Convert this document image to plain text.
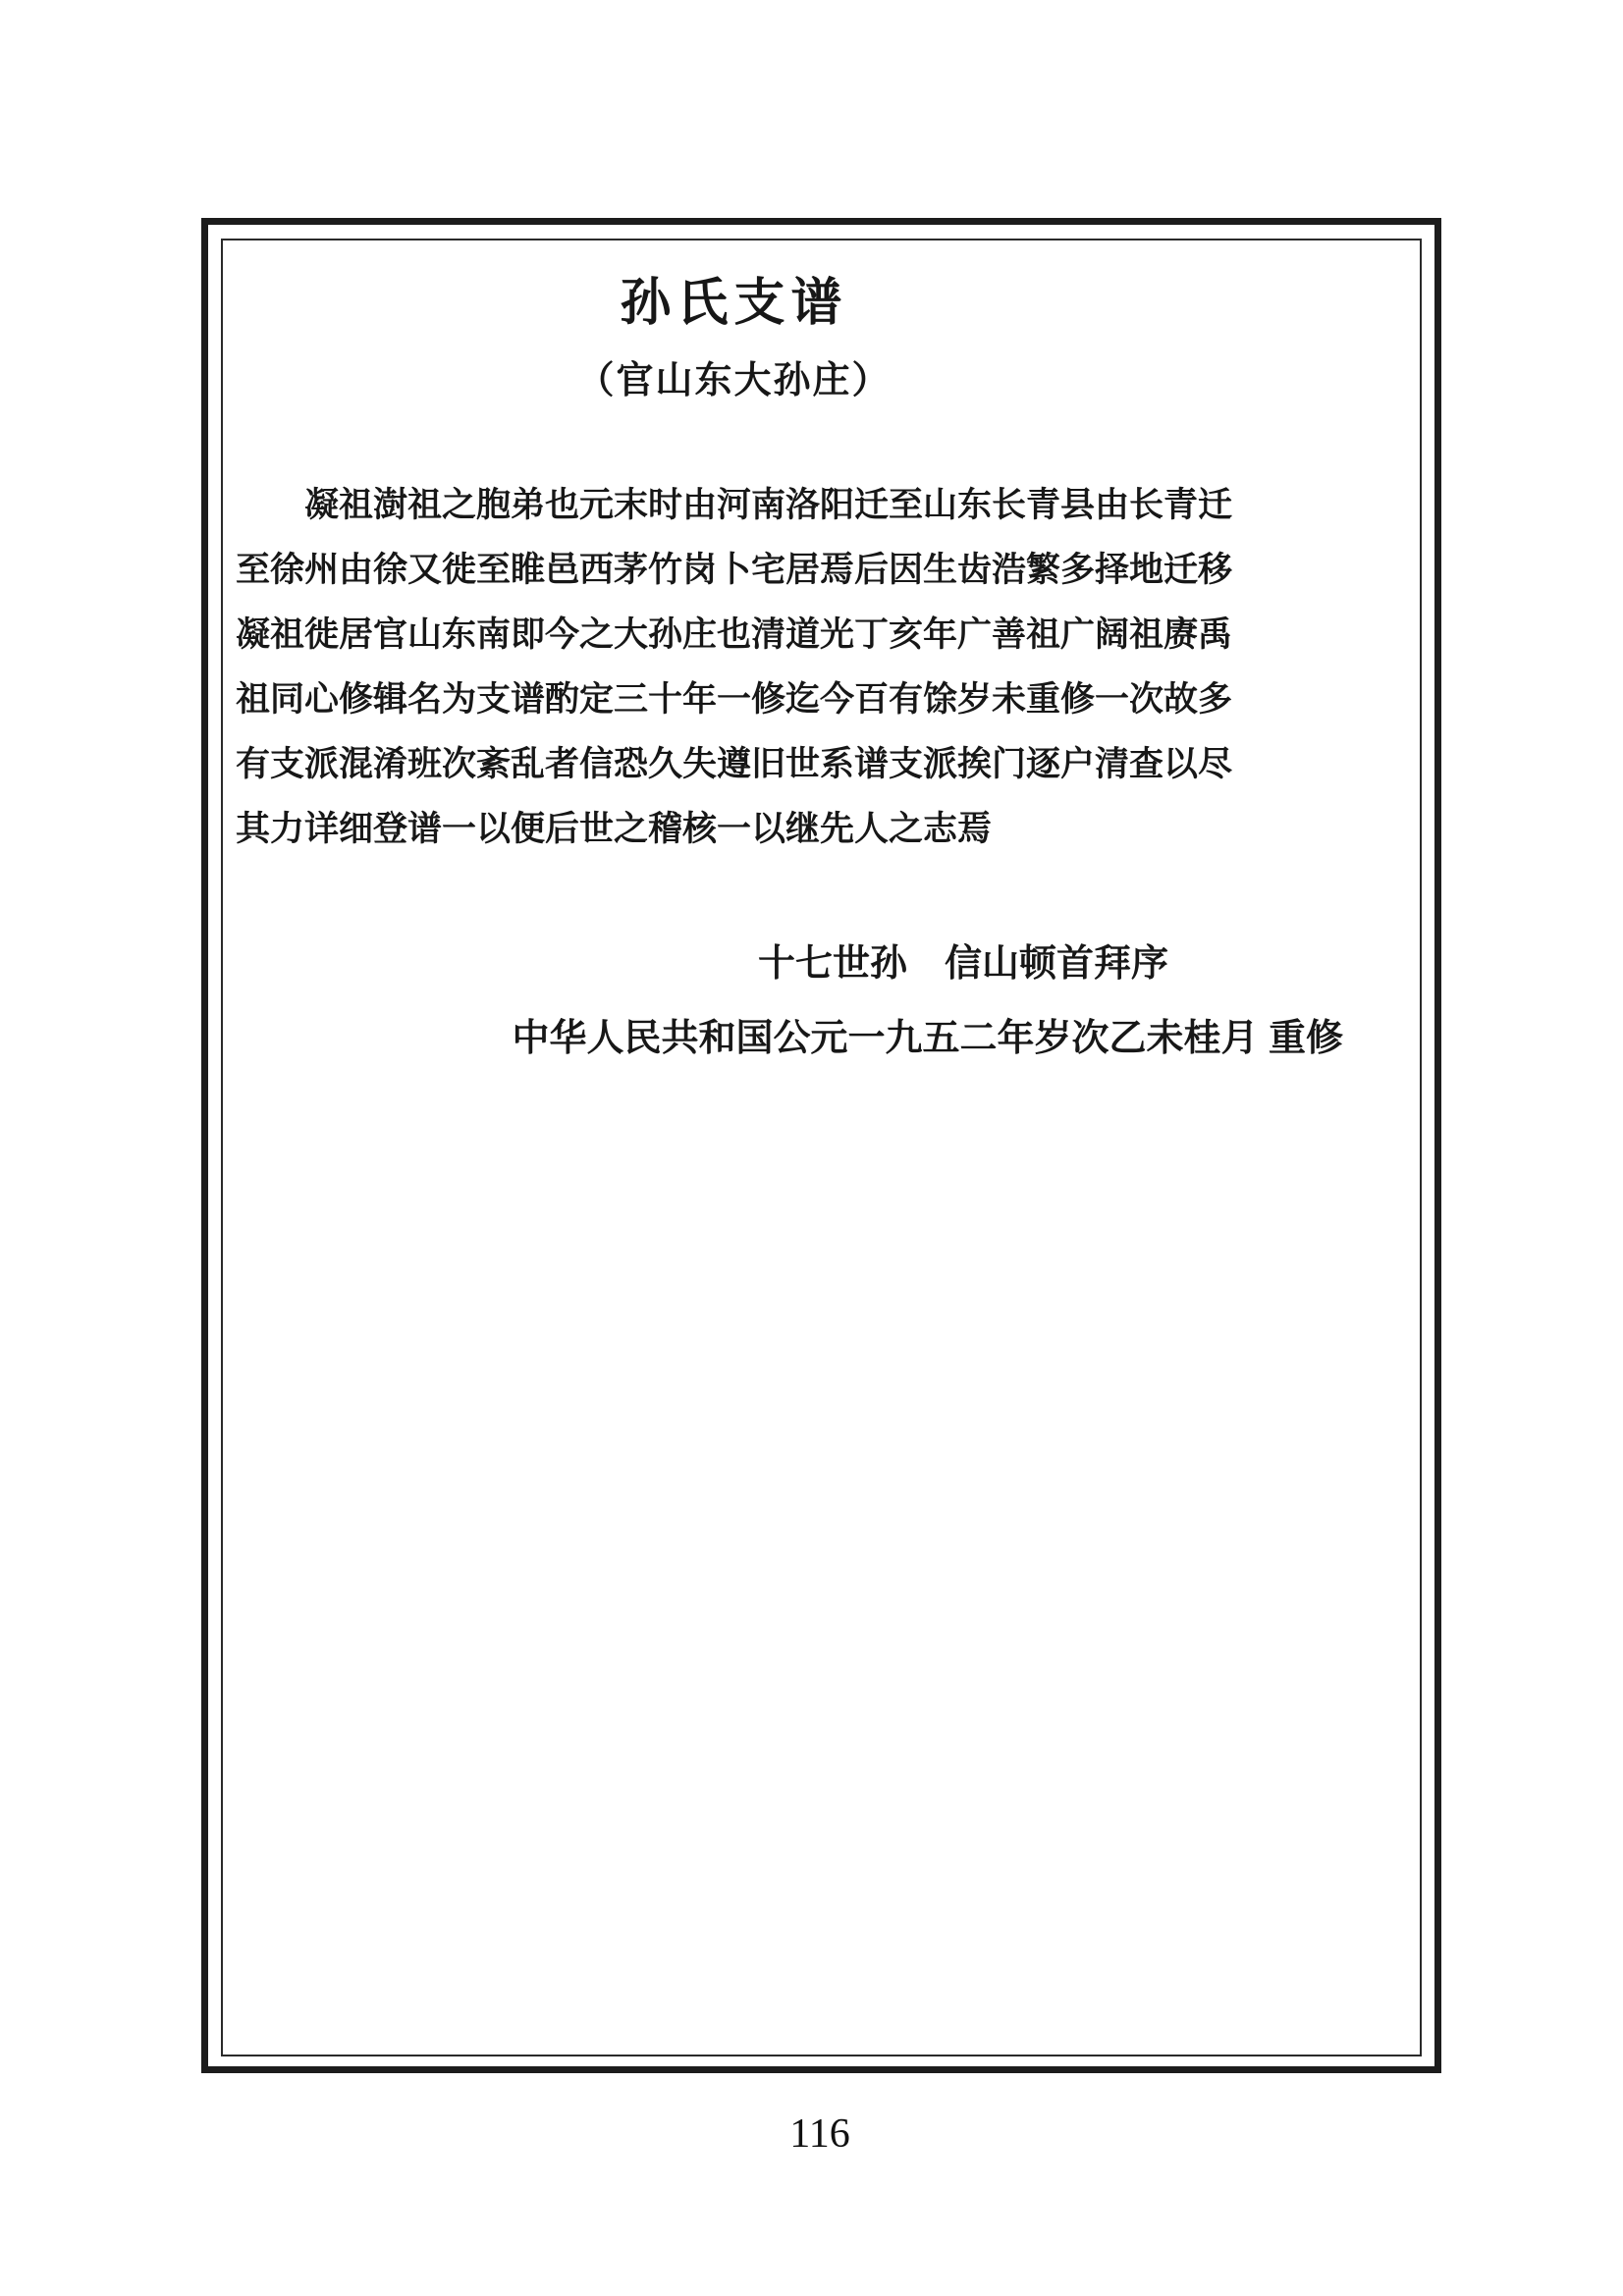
孙氏支谱
（官山东大孙庄）
凝祖澍祖之胞弟也元末时由河南洛阳迁至山东长青县由长青迁至徐州由徐又徙至睢邑西茅竹岗卜宅居焉后因生齿浩繁多择地迁移凝祖徙居官山东南即今之大孙庄也清道光丁亥年广善祖广阔祖赓禹祖同心修辑名为支谱酌定三十年一修迄今百有馀岁未重修一次故多有支派混淆班次紊乱者信恐久失遵旧世系谱支派挨门逐户清查以尽其力详细登谱一以便后世之稽核一以继先人之志焉
十七世孙　信山顿首拜序
中华人民共和国公元一九五二年岁次乙未桂月 重修
116
